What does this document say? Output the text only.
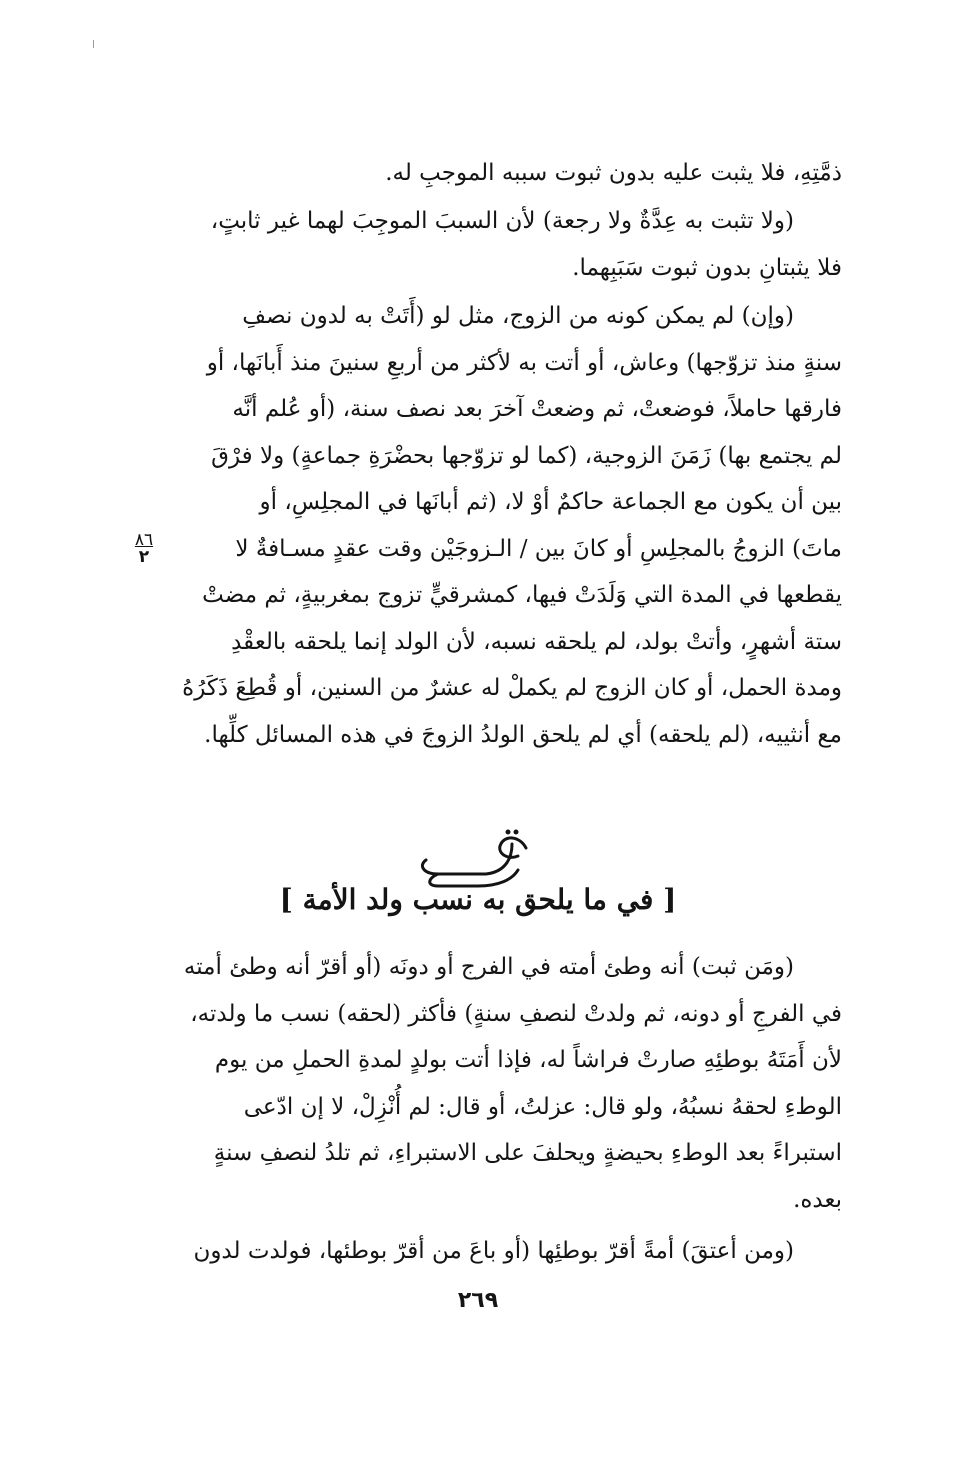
ذمَّتِهِ، فلا يثبت عليه بدون ثبوت سببه الموجبِ له.
(ولا تثبت به عِدَّةٌ ولا رجعة) لأن السببَ الموجِبَ لهما غير ثابتٍ،
فلا يثبتانِ بدون ثبوت سَبَبِهما.
(وإن) لم يمكن كونه من الزوج، مثل لو (أَتَتْ به لدون نصفِ
سنةٍ منذ تزوّجها) وعاش، أو أتت به لأكثر من أربعِ سنينَ منذ أَبانَها، أو
فارقها حاملاً، فوضعتْ، ثم وضعتْ آخرَ بعد نصف سنة، (أو عُلم أنَّه
لم يجتمع بها) زَمَنَ الزوجية، (كما لو تزوّجها بحضْرَةِ جماعةٍ) ولا فرْقَ
بين أن يكون مع الجماعة حاكمٌ أوْ لا، (ثم أبانَها في المجلِسِ، أو
ماتَ) الزوجُ بالمجلِسِ أو كانَ بين / الـزوجَيْن وقت عقدٍ مسـافةٌ لا
يقطعها في المدة التي وَلَدَتْ فيها، كمشرقيٍّ تزوج بمغربيةٍ، ثم مضتْ
ستة أشهرٍ، وأتتْ بولد، لم يلحقه نسبه، لأن الولد إنما يلحقه بالعقْدِ
ومدة الحمل، أو كان الزوج لم يكملْ له عشرٌ من السنين، أو قُطِعَ ذَكَرُهُ
مع أنثييه، (لم يلحقه) أي لم يلحق الولدُ الزوجَ في هذه المسائل كلِّها.
٨٦
٢
[ في ما يلحق به نسب ولد الأمة ]
(ومَن ثبت) أنه وطئ أمته في الفرج أو دونَه (أو أقرّ أنه وطئ أمته
في الفرجِ أو دونه، ثم ولدتْ لنصفِ سنةٍ) فأكثر (لحقه) نسب ما ولدته،
لأن أَمَتَهُ بوطئِهِ صارتْ فراشاً له، فإذا أتت بولدٍ لمدةِ الحملِ من يوم
الوطءِ لحقهُ نسبُهُ، ولو قال: عزلتُ، أو قال: لم أُنْزِلْ، لا إن ادّعى
استبراءً بعد الوطءِ بحيضةٍ ويحلفَ على الاستبراءِ، ثم تلدُ لنصفِ سنةٍ
بعده.
(ومن أعتقَ) أمةً أقرّ بوطئِها (أو باعَ من أقرّ بوطئها، فولدت لدون
٢٦٩
